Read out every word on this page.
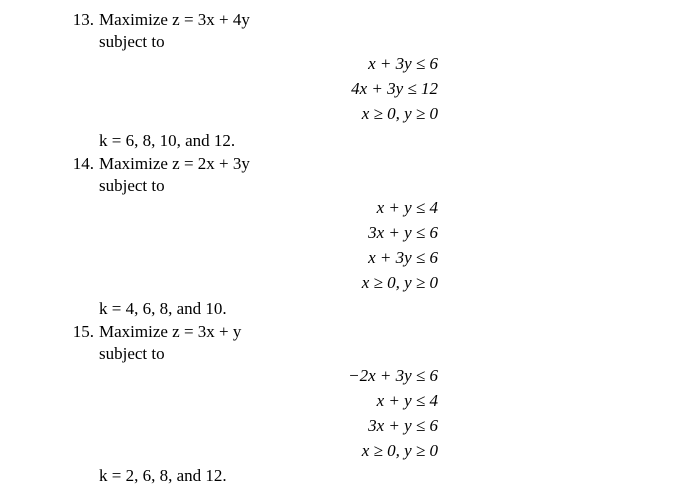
13. Maximize z = 3x + 4y
subject to
x + 3y ≤ 6
4x + 3y ≤ 12
x ≥ 0, y ≥ 0
k = 6, 8, 10, and 12.
14. Maximize z = 2x + 3y
subject to
x + y ≤ 4
3x + y ≤ 6
x + 3y ≤ 6
x ≥ 0, y ≥ 0
k = 4, 6, 8, and 10.
15. Maximize z = 3x + y
subject to
−2x + 3y ≤ 6
x + y ≤ 4
3x + y ≤ 6
x ≥ 0, y ≥ 0
k = 2, 6, 8, and 12.
